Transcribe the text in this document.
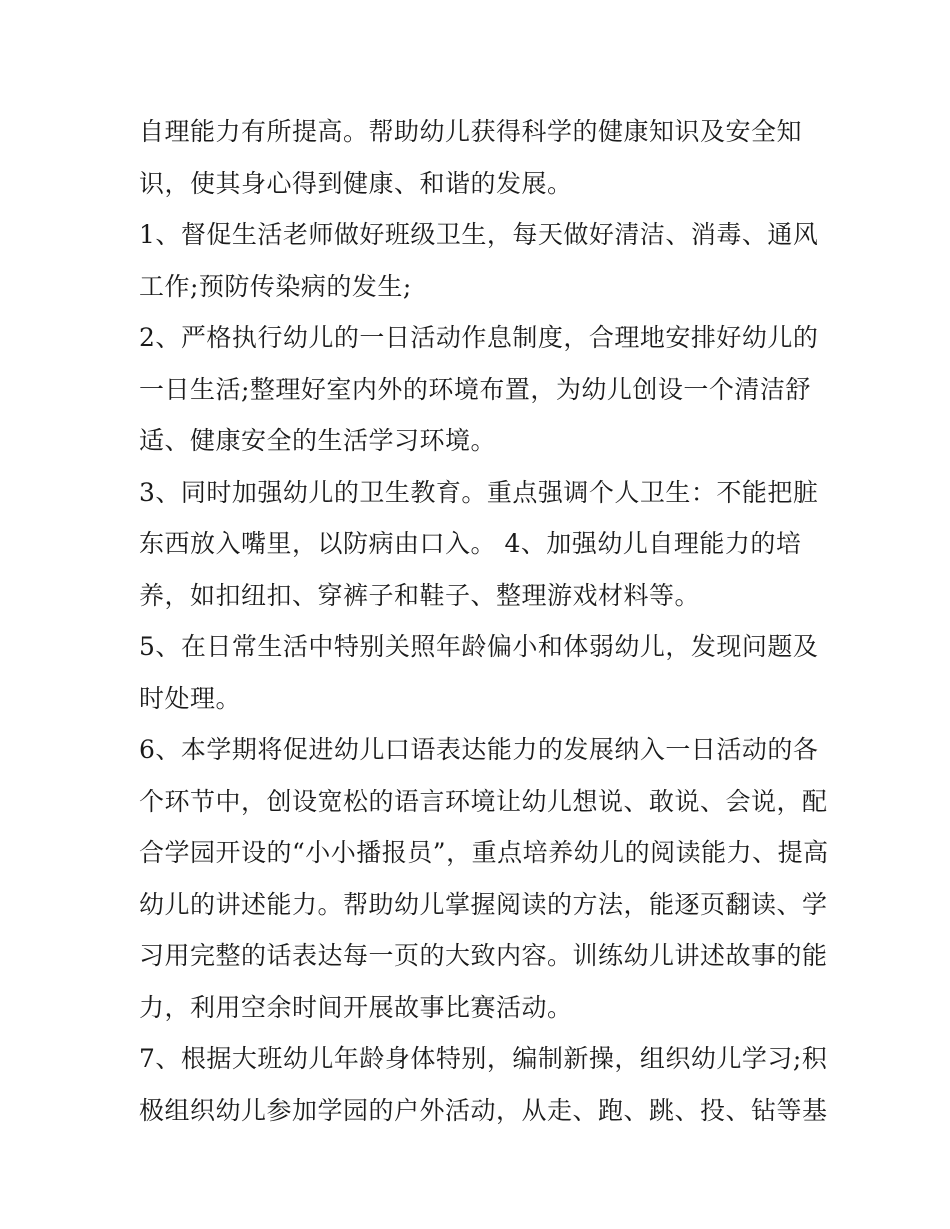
自理能力有所提高。帮助幼儿获得科学的健康知识及安全知
识，使其身心得到健康、和谐的发展。
1、督促生活老师做好班级卫生，每天做好清洁、消毒、通风
工作;预防传染病的发生;
2、严格执行幼儿的一日活动作息制度，合理地安排好幼儿的
一日生活;整理好室内外的环境布置，为幼儿创设一个清洁舒
适、健康安全的生活学习环境。
3、同时加强幼儿的卫生教育。重点强调个人卫生：不能把脏
东西放入嘴里，以防病由口入。 4、加强幼儿自理能力的培
养，如扣纽扣、穿裤子和鞋子、整理游戏材料等。
5、在日常生活中特别关照年龄偏小和体弱幼儿，发现问题及
时处理。
6、本学期将促进幼儿口语表达能力的发展纳入一日活动的各
个环节中，创设宽松的语言环境让幼儿想说、敢说、会说，配
合学园开设的“小小播报员”，重点培养幼儿的阅读能力、提高
幼儿的讲述能力。帮助幼儿掌握阅读的方法，能逐页翻读、学
习用完整的话表达每一页的大致内容。训练幼儿讲述故事的能
力，利用空余时间开展故事比赛活动。
7、根据大班幼儿年龄身体特别，编制新操，组织幼儿学习;积
极组织幼儿参加学园的户外活动，从走、跑、跳、投、钻等基
